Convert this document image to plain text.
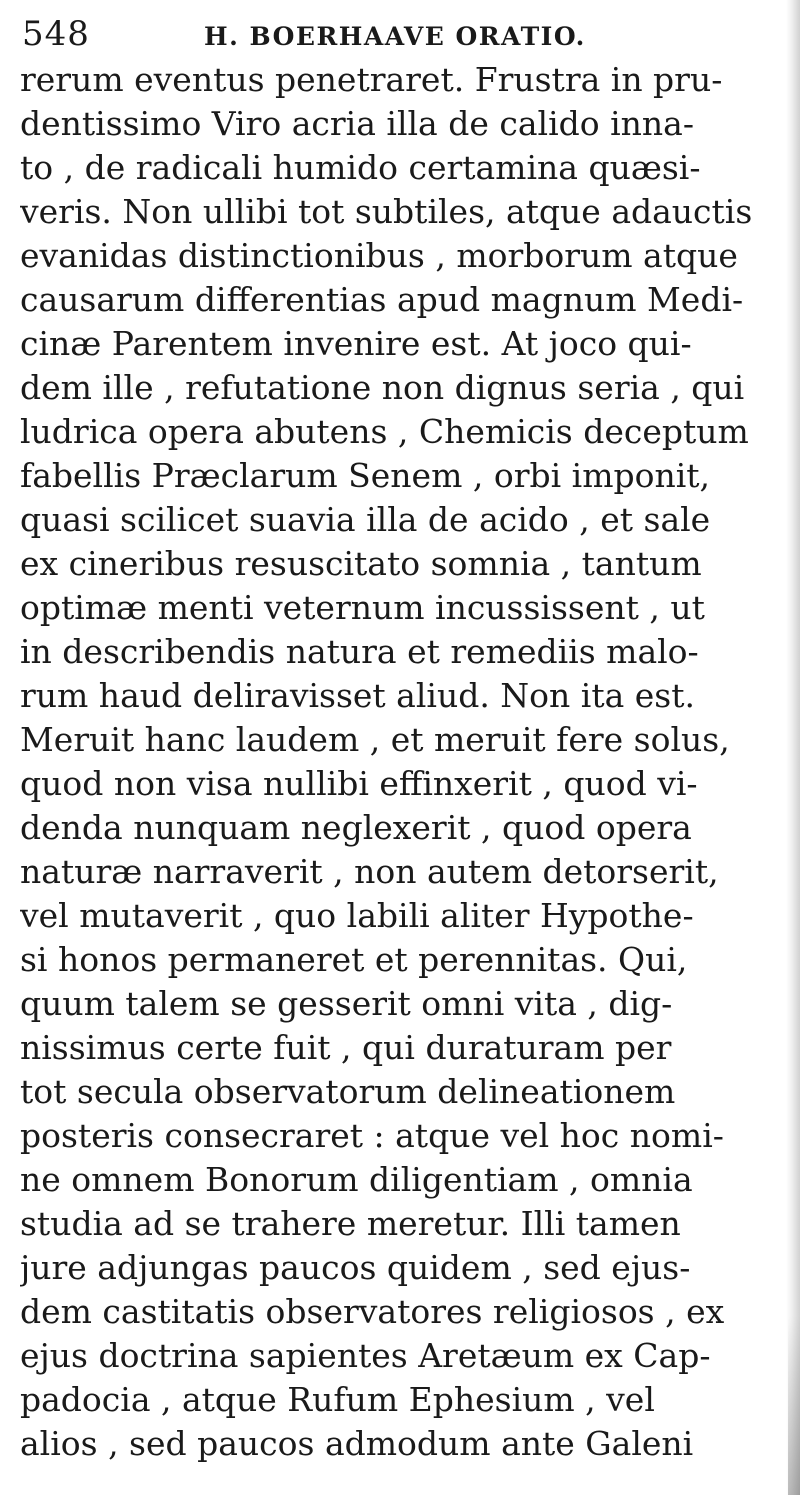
548	H. BOERHAAVE ORATIO.
rerum eventus penetraret. Frustra in pru-
dentissimo Viro acria illa de calido inna-
to , de radicali humido certamina quæsi-
veris. Non ullibi tot subtiles, atque adauctis
evanidas distinctionibus , morborum atque
causarum differentias apud magnum Medi-
cinæ Parentem invenire est. At joco qui-
dem ille , refutatione non dignus seria , qui
ludrica opera abutens , Chemicis deceptum
fabellis Præclarum Senem , orbi imponit,
quasi scilicet suavia illa de acido , et sale
ex cineribus resuscitato somnia , tantum
optimæ menti veternum incussissent , ut
in describendis natura et remediis malo-
rum haud deliravisset aliud. Non ita est.
Meruit hanc laudem , et meruit fere solus,
quod non visa nullibi effinxerit , quod vi-
denda nunquam neglexerit , quod opera
naturæ narraverit , non autem detorserit,
vel mutaverit , quo labili aliter Hypothe-
si honos permaneret et perennitas. Qui,
quum talem se gesserit omni vita , dig-
nissimus certe fuit , qui duraturam per
tot secula observatorum delineationem
posteris consecraret : atque vel hoc nomi-
ne omnem Bonorum diligentiam , omnia
studia ad se trahere meretur. Illi tamen
jure adjungas paucos quidem , sed ejus-
dem castitatis observatores religiosos , ex
ejus doctrina sapientes Aretæum ex Cap-
padocia , atque Rufum Ephesium , vel
alios , sed paucos admodum ante Galeni
